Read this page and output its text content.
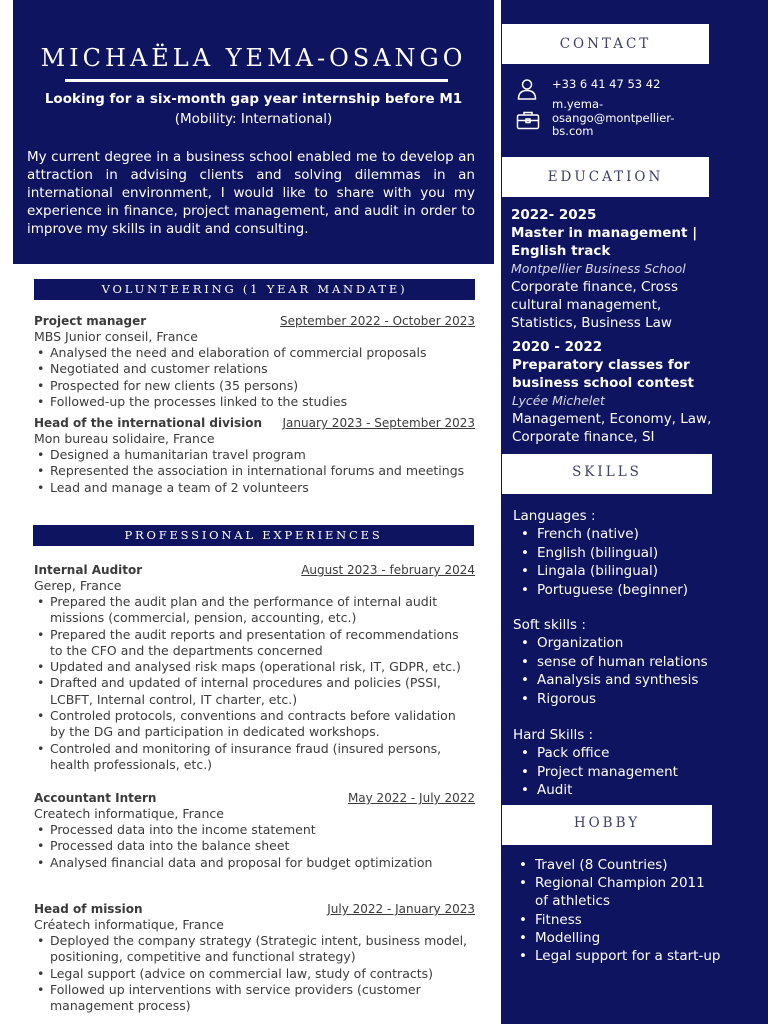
MICHAËLA YEMA-OSANGO
Looking for a six-month gap year internship before M1
(Mobility: International)
My current degree in a business school enabled me to develop an attraction in advising clients and solving dilemmas in an international environment, I would like to share with you my experience in finance, project management, and audit in order to improve my skills in audit and consulting.
VOLUNTEERING (1 YEAR MANDATE)
Project manager	September 2022 - October 2023
MBS Junior conseil, France
• Analysed the need and elaboration of commercial proposals
• Negotiated and customer relations
• Prospected for new clients (35 persons)
• Followed-up the processes linked to the studies
Head of the international division January 2023 - September 2023
Mon bureau solidaire, France
• Designed a humanitarian travel program
• Represented the association in international forums and meetings
• Lead and manage a team of 2 volunteers
PROFESSIONAL EXPERIENCES
Internal Auditor	August 2023 - february 2024
Gerep, France
• Prepared the audit plan and the performance of internal audit missions (commercial, pension, accounting, etc.)
• Prepared the audit reports and presentation of recommendations to the CFO and the departments concerned
• Updated and analysed risk maps (operational risk, IT, GDPR, etc.)
• Drafted and updated of internal procedures and policies (PSSI, LCBFT, Internal control, IT charter, etc.)
• Controled protocols, conventions and contracts before validation by the DG and participation in dedicated workshops.
• Controled and monitoring of insurance fraud (insured persons, health professionals, etc.)
Accountant Intern	May 2022 - July 2022
Createch informatique, France
• Processed data into the income statement
• Processed data into the balance sheet
• Analysed financial data and proposal for budget optimization
Head of mission	July 2022 - January 2023
Créatech informatique, France
• Deployed the company strategy (Strategic intent, business model, positioning, competitive and functional strategy)
• Legal support (advice on commercial law, study of contracts)
• Followed up interventions with service providers (customer management process)
CONTACT
+33 6 41 47 53 42
m.yema-osango@montpellier-bs.com
EDUCATION
2022- 2025
Master in management | English track
Montpellier Business School
Corporate finance, Cross cultural management, Statistics, Business Law
2020 - 2022
Preparatory classes for business school contest
Lycée Michelet
Management, Economy, Law, Corporate finance, SI
SKILLS
Languages :
• French (native)
• English (bilingual)
• Lingala (bilingual)
• Portuguese (beginner)
Soft skills :
• Organization
• sense of human relations
• Aanalysis and synthesis
• Rigorous
Hard Skills :
• Pack office
• Project management
• Audit
HOBBY
• Travel (8 Countries)
• Regional Champion 2011 of athletics
• Fitness
• Modelling
• Legal support for a start-up
